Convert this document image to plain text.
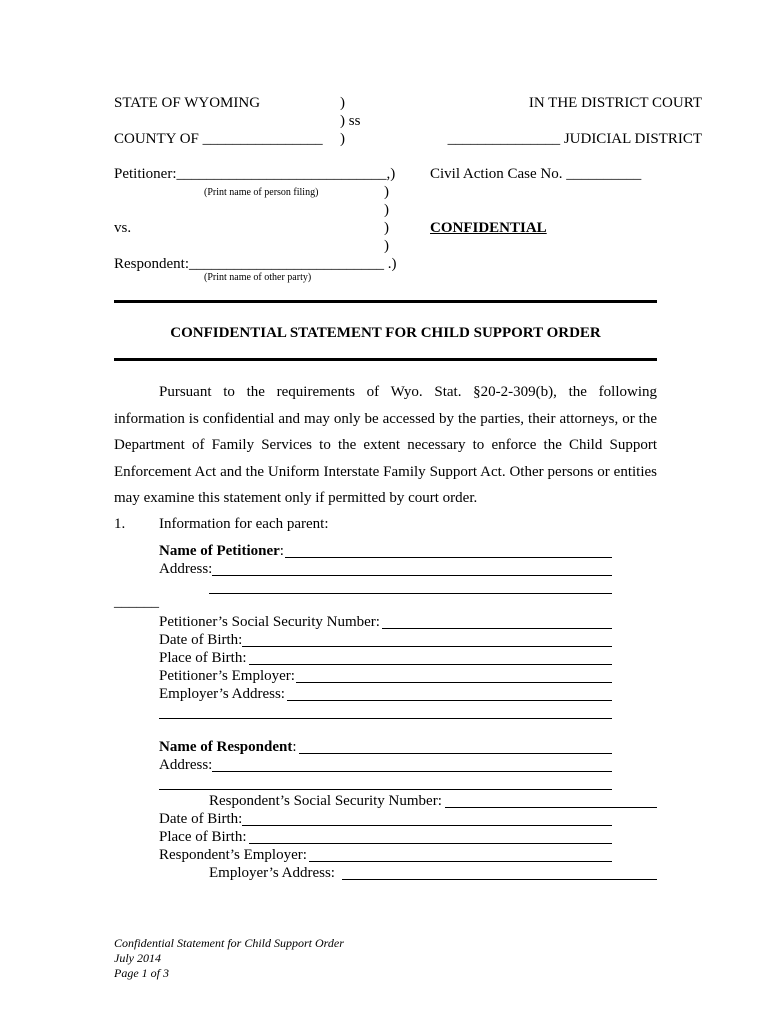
STATE OF WYOMING	)
) ss
COUNTY OF ________________ )
IN THE DISTRICT COURT
_______________ JUDICIAL DISTRICT
Petitioner:____________________________,)
(Print name of person filing)	)
)
vs.	)
)
Respondent:__________________________ .)
(Print name of other party)
Civil Action Case No. __________
CONFIDENTIAL
CONFIDENTIAL STATEMENT FOR CHILD SUPPORT ORDER

Pursuant to the requirements of Wyo. Stat. §20-2-309(b), the following information is confidential and may only be accessed by the parties, their attorneys, or the Department of Family Services to the extent necessary to enforce the Child Support Enforcement Act and the Uniform Interstate Family Support Act. Other persons or entities may examine this statement only if permitted by court order.

1. Information for each parent:
Name of Petitioner:
Address:
______
Petitioner’s Social Security Number:
Date of Birth:
Place of Birth:
Petitioner’s Employer:
Employer’s Address:
Name of Respondent:
Address:
Respondent’s Social Security Number:
Date of Birth:
Place of Birth:
Respondent’s Employer:
Employer’s Address:
Confidential Statement for Child Support Order
July 2014
Page 1 of 3
